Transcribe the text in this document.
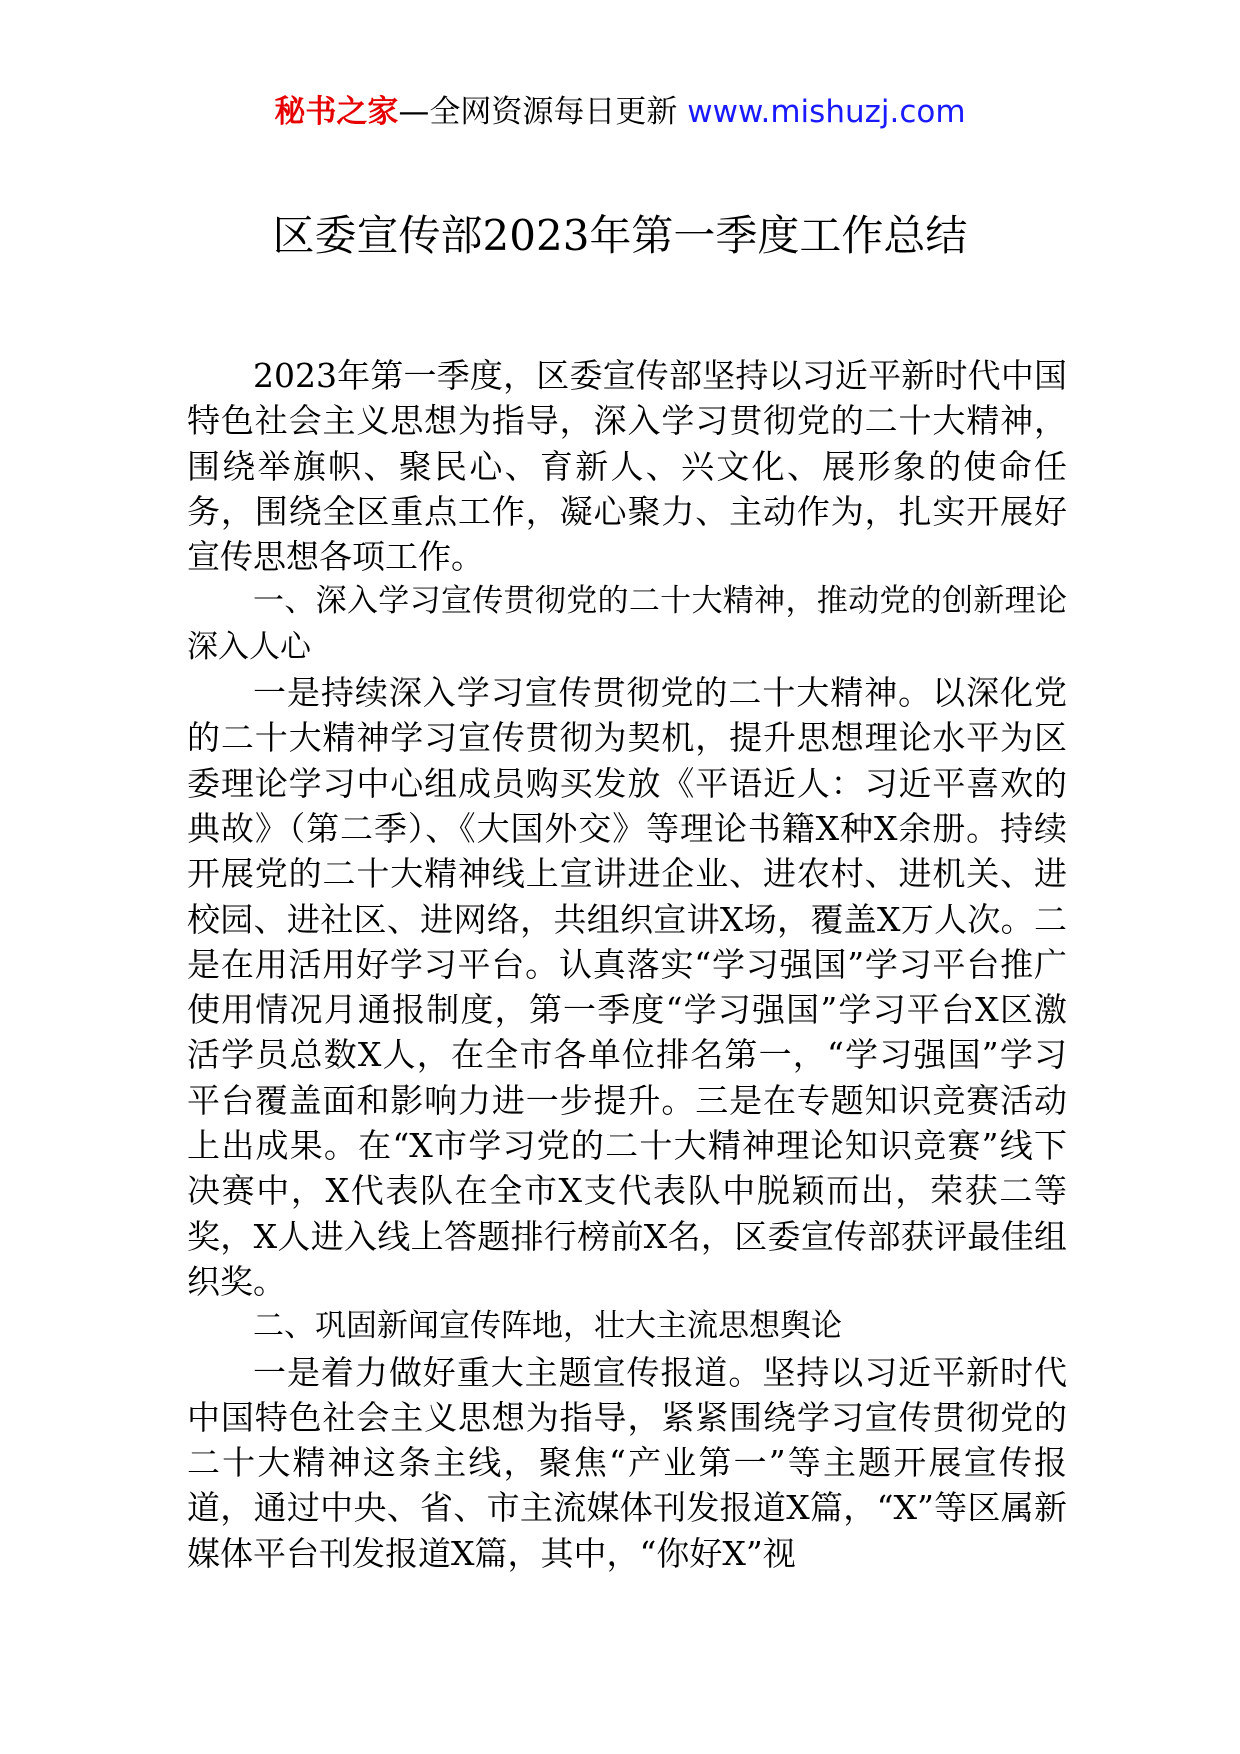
秘书之家—全网资源每日更新 www.mishuzj.com
区委宣传部2023年第一季度工作总结

2023年第一季度，区委宣传部坚持以习近平新时代中国特色社会主义思想为指导，深入学习贯彻党的二十大精神，围绕举旗帜、聚民心、育新人、兴文化、展形象的使命任务，围绕全区重点工作，凝心聚力、主动作为，扎实开展好宣传思想各项工作。

一、深入学习宣传贯彻党的二十大精神，推动党的创新理论深入人心

一是持续深入学习宣传贯彻党的二十大精神。以深化党的二十大精神学习宣传贯彻为契机，提升思想理论水平为区委理论学习中心组成员购买发放《平语近人：习近平喜欢的典故》（第二季）、《大国外交》等理论书籍X种X余册。持续开展党的二十大精神线上宣讲进企业、进农村、进机关、进校园、进社区、进网络，共组织宣讲X场，覆盖X万人次。二是在用活用好学习平台。认真落实“学习强国”学习平台推广使用情况月通报制度，第一季度“学习强国”学习平台X区激活学员总数X人，在全市各单位排名第一，“学习强国”学习平台覆盖面和影响力进一步提升。三是在专题知识竞赛活动上出成果。在“X市学习党的二十大精神理论知识竞赛”线下决赛中，X代表队在全市X支代表队中脱颖而出，荣获二等奖，X人进入线上答题排行榜前X名，区委宣传部获评最佳组织奖。

二、巩固新闻宣传阵地，壮大主流思想舆论

一是着力做好重大主题宣传报道。坚持以习近平新时代中国特色社会主义思想为指导，紧紧围绕学习宣传贯彻党的二十大精神这条主线，聚焦“产业第一”等主题开展宣传报道，通过中央、省、市主流媒体刊发报道X篇，“X”等区属新媒体平台刊发报道X篇，其中，“你好X”视
